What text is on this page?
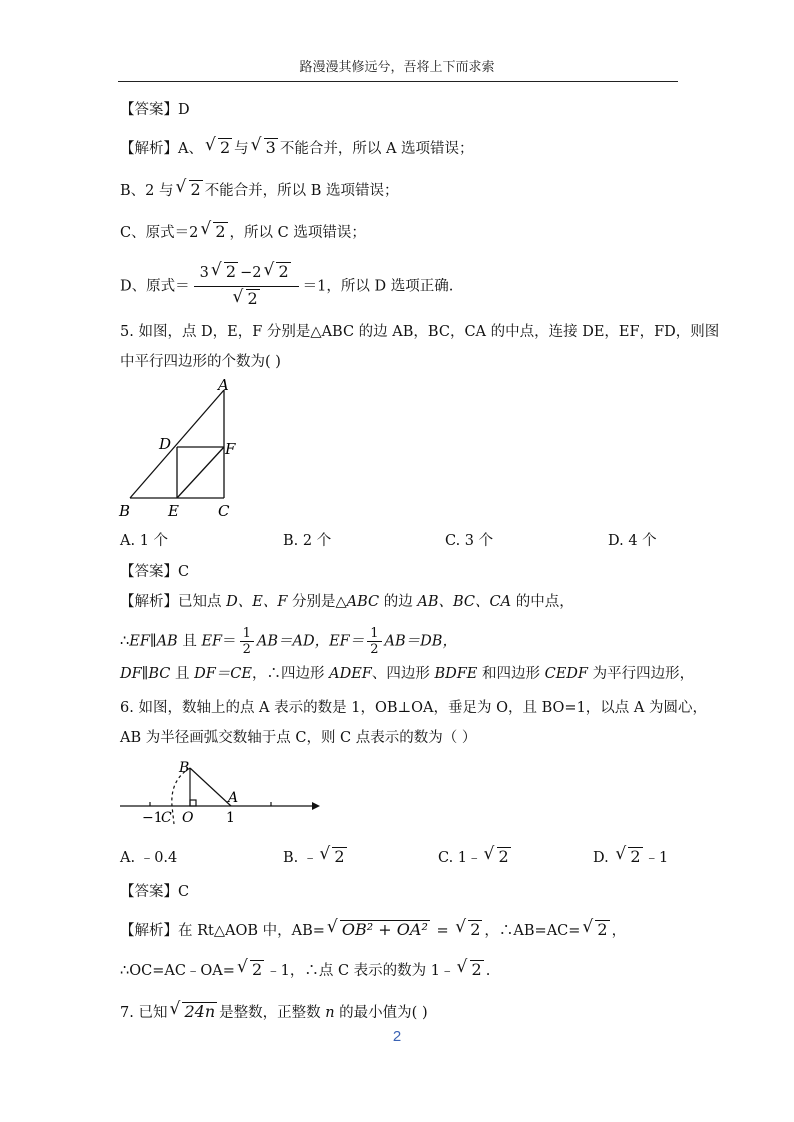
路漫漫其修远兮，吾将上下而求索
【答案】D
【解析】A、 √ 2 与 √ 3 不能合并，所以 A 选项错误；
B、2 与 √ 2 不能合并，所以 B 选项错误；
C、原式＝2 √ 2 ，所以 C 选项错误；
D、原式＝ 3 √ 2 −2 √ 2
√ 2 ＝1，所以 D 选项正确.
5. 如图，点 D，E，F 分别是△ABC 的边 AB，BC，CA 的中点，连接 DE，EF，FD，则图
中平行四边形的个数为( )
A
D	F
B	E	C
A. 1 个	B. 2 个	C. 3 个	D. 4 个
【答案】C
【解析】已知点 D、E、F 分别是△ABC 的边 AB、BC、CA 的中点，
∴EF∥AB 且 $EF= \frac{1}{2} AB=AD$，$EF= \frac{1}{2} AB=DB$，
DF∥BC 且 DF＝CE，∴四边形 ADEF、四边形 BDFE 和四边形 CEDF 为平行四边形，
6. 如图，数轴上的点 A 表示的数是 1，OB⊥OA，垂足为 O，且 BO=1，以点 A 为圆心，
AB 为半径画弧交数轴于点 C，则 C 点表示的数为（ ）
B
A
−1
C O 1
A. ﹣0.4	B. ﹣ √ 2	C. 1﹣ √ 2	D. √ 2 ﹣1
【答案】C
【解析】在 Rt△AOB 中，AB= √ OB² + OA² = √ 2 ，∴AB=AC= √ 2 ，
∴OC=AC﹣OA= √ 2 ﹣1，∴点 C 表示的数为 1﹣ √ 2 .
7. 已知 √ 24n 是整数，正整数 n 的最小值为( )
2
